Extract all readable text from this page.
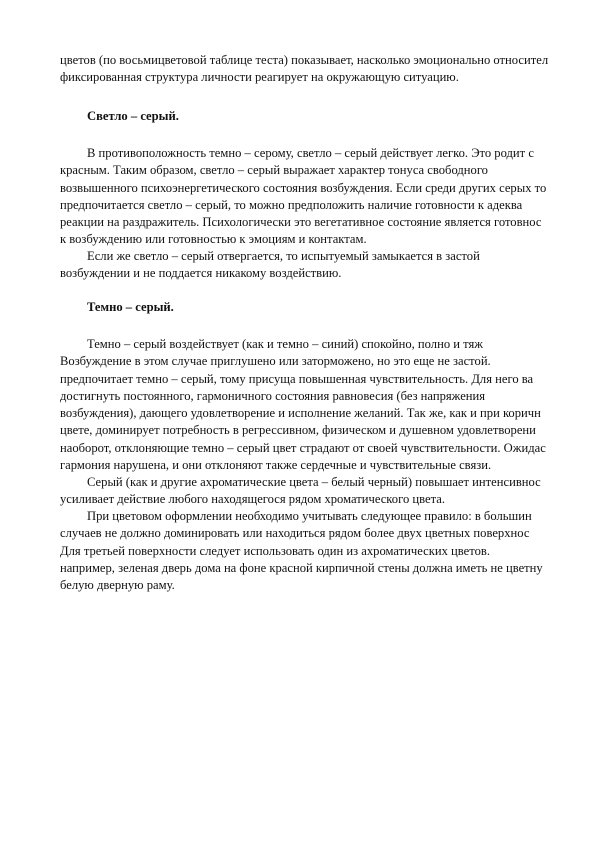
цветов (по восьмицветовой таблице теста) показывает, насколько эмоционально относител
фиксированная структура личности реагирует на окружающую ситуацию.
Светло – серый.
В противоположность темно – серому, светло – серый действует легко. Это родит с
красным. Таким образом, светло – серый выражает характер тонуса свободного
возвышенного психоэнергетического состояния возбуждения. Если среди других серых то
предпочитается светло – серый, то можно предположить наличие готовности к адеква
реакции на раздражитель. Психологически это вегетативное состояние является готовнос
к возбуждению или готовностью к эмоциям и контактам.
Если же светло – серый отвергается, то испытуемый замыкается в застой
возбуждении и не поддается никакому воздействию.
Темно – серый.
Темно – серый воздействует (как и темно – синий) спокойно, полно и тяж
Возбуждение в этом случае приглушено или заторможено, но это еще не застой.
предпочитает темно – серый, тому присуща повышенная чувствительность. Для него ва
достигнуть постоянного, гармоничного состояния равновесия (без напряжения
возбуждения), дающего удовлетворение и исполнение желаний. Так же, как и при коричн
цвете, доминирует потребность в регрессивном, физическом и душевном удовлетворени
наоборот, отклоняющие темно – серый цвет страдают от своей чувствительности. Ожидас
гармония нарушена, и они отклоняют также сердечные и чувствительные связи.
Серый (как и другие ахроматические цвета – белый черный) повышает интенсивнос
усиливает действие любого находящегося рядом хроматического цвета.
При цветовом оформлении необходимо учитывать следующее правило: в большин
случаев не должно доминировать или находиться рядом более двух цветных поверхнос
Для третьей поверхности следует использовать один из ахроматических цветов.
например, зеленая дверь дома на фоне красной кирпичной стены должна иметь не цветну
белую дверную раму.
